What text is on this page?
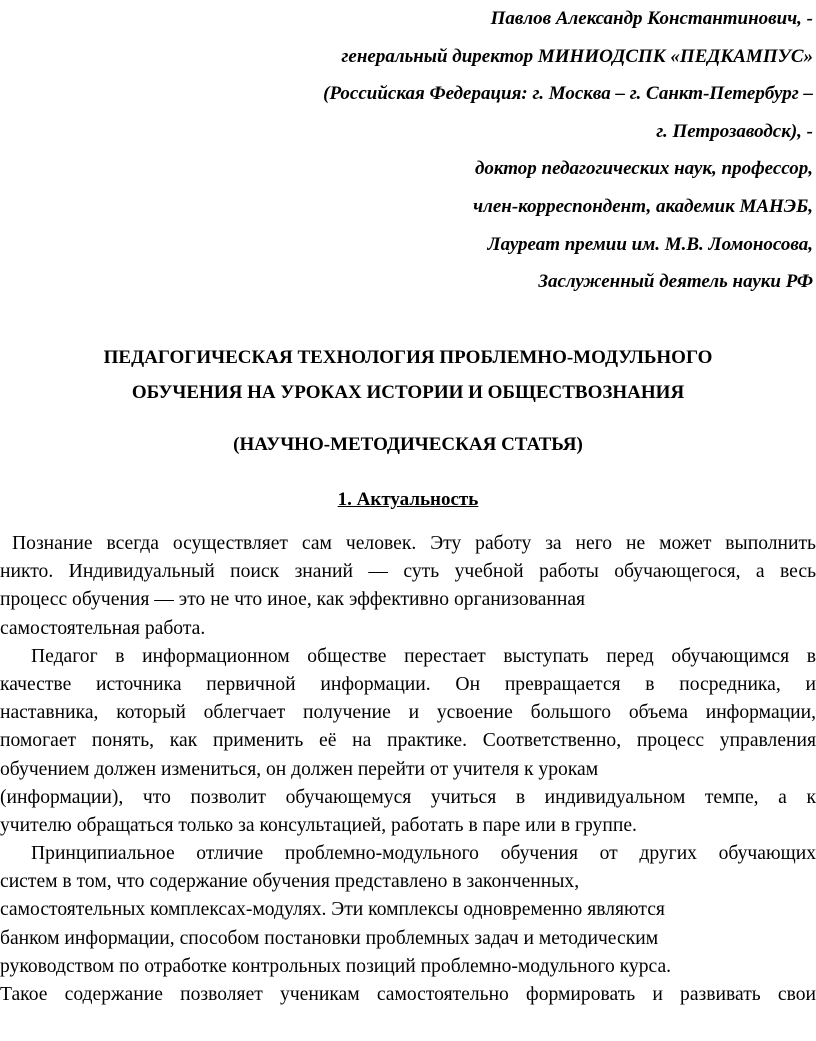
Павлов Александр Константинович, -
генеральный директор МИНИОДСПК «ПЕДКАМПУС»
(Российская Федерация: г. Москва – г. Санкт-Петербург –
г. Петрозаводск), -
доктор педагогических наук, профессор,
член-корреспондент, академик МАНЭБ,
Лауреат премии им. М.В. Ломоносова,
Заслуженный деятель науки РФ
ПЕДАГОГИЧЕСКАЯ ТЕХНОЛОГИЯ ПРОБЛЕМНО-МОДУЛЬНОГО
ОБУЧЕНИЯ НА УРОКАХ ИСТОРИИ И ОБЩЕСТВОЗНАНИЯ
(НАУЧНО-МЕТОДИЧЕСКАЯ СТАТЬЯ)
1. Актуальность
Познание всегда осуществляет сам человек. Эту работу за него не может выполнить
никто. Индивидуальный поиск знаний — суть учебной работы обучающегося, а весь
процесс обучения — это не что иное, как эффективно организованная
самостоятельная работа.
Педагог в информационном обществе перестает выступать перед обучающимся в
качестве источника первичной информации. Он превращается в посредника, и
наставника, который облегчает получение и усвоение большого объема информации,
помогает понять, как применить её на практике. Соответственно, процесс управления
обучением должен измениться, он должен перейти от учителя к урокам
(информации), что позволит обучающемуся учиться в индивидуальном темпе, а к
учителю обращаться только за консультацией, работать в паре или в группе.
Принципиальное отличие проблемно-модульного обучения от других обучающих
систем в том, что содержание обучения представлено в законченных,
самостоятельных комплексах-модулях. Эти комплексы одновременно являются
банком информации, способом постановки проблемных задач и методическим
руководством по отработке контрольных позиций проблемно-модульного курса.
Такое содержание позволяет ученикам самостоятельно формировать и развивать свои
